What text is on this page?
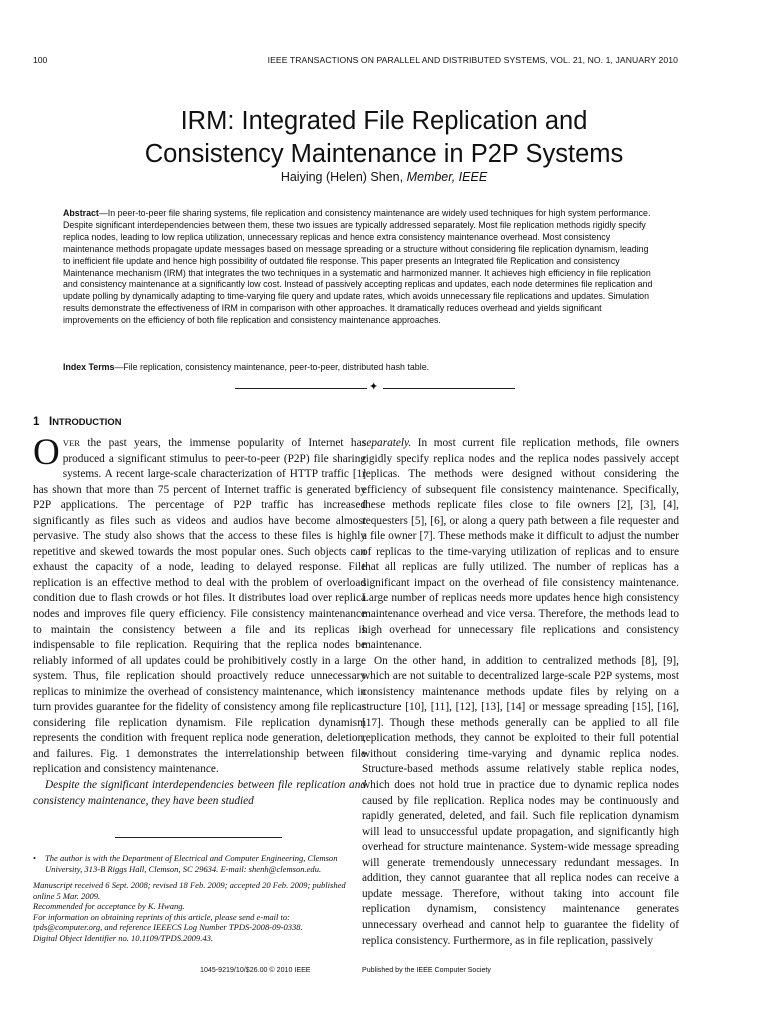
100	IEEE TRANSACTIONS ON PARALLEL AND DISTRIBUTED SYSTEMS, VOL. 21, NO. 1, JANUARY 2010
IRM: Integrated File Replication and
Consistency Maintenance in P2P Systems
Haiying (Helen) Shen, Member, IEEE
Abstract—In peer-to-peer file sharing systems, file replication and consistency maintenance are widely used techniques for high system performance. Despite significant interdependencies between them, these two issues are typically addressed separately. Most file replication methods rigidly specify replica nodes, leading to low replica utilization, unnecessary replicas and hence extra consistency maintenance overhead. Most consistency maintenance methods propagate update messages based on message spreading or a structure without considering file replication dynamism, leading to inefficient file update and hence high possibility of outdated file response. This paper presents an Integrated file Replication and consistency Maintenance mechanism (IRM) that integrates the two techniques in a systematic and harmonized manner. It achieves high efficiency in file replication and consistency maintenance at a significantly low cost. Instead of passively accepting replicas and updates, each node determines file replication and update polling by dynamically adapting to time-varying file query and update rates, which avoids unnecessary file replications and updates. Simulation results demonstrate the effectiveness of IRM in comparison with other approaches. It dramatically reduces overhead and yields significant improvements on the efficiency of both file replication and consistency maintenance approaches.
Index Terms—File replication, consistency maintenance, peer-to-peer, distributed hash table.
✦
1 INTRODUCTION

OVER the past years, the immense popularity of Internet has produced a significant stimulus to peer-to-peer (P2P) file sharing systems. A recent large-scale characterization of HTTP traffic [1] has shown that more than 75 percent of Internet traffic is generated by P2P applications. The percentage of P2P traffic has increased significantly as files such as videos and audios have become almost pervasive. The study also shows that the access to these files is highly repetitive and skewed towards the most popular ones. Such objects can exhaust the capacity of a node, leading to delayed response. File replication is an effective method to deal with the problem of overload condition due to flash crowds or hot files. It distributes load over replica nodes and improves file query efficiency. File consistency maintenance to maintain the consistency between a file and its replicas is indispensable to file replication. Requiring that the replica nodes be reliably informed of all updates could be prohibitively costly in a large system. Thus, file replication should proactively reduce unnecessary replicas to minimize the overhead of consistency maintenance, which in turn provides guarantee for the fidelity of consistency among file replicas considering file replication dynamism. File replication dynamism represents the condition with frequent replica node generation, deletion, and failures. Fig. 1 demonstrates the interrelationship between file replication and consistency maintenance.

Despite the significant interdependencies between file replication and consistency maintenance, they have been studied

separately. In most current file replication methods, file owners rigidly specify replica nodes and the replica nodes passively accept replicas. The methods were designed without considering the efficiency of subsequent file consistency maintenance. Specifically, these methods replicate files close to file owners [2], [3], [4], requesters [5], [6], or along a query path between a file requester and a file owner [7]. These methods make it difficult to adjust the number of replicas to the time-varying utilization of replicas and to ensure that all replicas are fully utilized. The number of replicas has a significant impact on the overhead of file consistency maintenance. Large number of replicas needs more updates hence high consistency maintenance overhead and vice versa. Therefore, the methods lead to high overhead for unnecessary file replications and consistency maintenance.

On the other hand, in addition to centralized methods [8], [9], which are not suitable to decentralized large-scale P2P systems, most consistency maintenance methods update files by relying on a structure [10], [11], [12], [13], [14] or message spreading [15], [16], [17]. Though these methods generally can be applied to all file replication methods, they cannot be exploited to their full potential without considering time-varying and dynamic replica nodes. Structure-based methods assume relatively stable replica nodes, which does not hold true in practice due to dynamic replica nodes caused by file replication. Replica nodes may be continuously and rapidly generated, deleted, and fail. Such file replication dynamism will lead to unsuccessful update propagation, and significantly high overhead for structure maintenance. System-wide message spreading will generate tremendously unnecessary redundant messages. In addition, they cannot guarantee that all replica nodes can receive a update message. Therefore, without taking into account file replication dynamism, consistency maintenance generates unnecessary overhead and cannot help to guarantee the fidelity of replica consistency. Furthermore, as in file replication, passively

• The author is with the Department of Electrical and Computer Engineering, Clemson University, 313-B Riggs Hall, Clemson, SC 29634. E-mail: shenh@clemson.edu.

Manuscript received 6 Sept. 2008; revised 18 Feb. 2009; accepted 20 Feb. 2009; published online 5 Mar. 2009.

Recommended for acceptance by K. Hwang.

For information on obtaining reprints of this article, please send e-mail to: tpds@computer.org, and reference IEEECS Log Number TPDS-2008-09-0338.

Digital Object Identifier no. 10.1109/TPDS.2009.43.

1045-9219/10/$26.00 © 2010 IEEE	Published by the IEEE Computer Society
